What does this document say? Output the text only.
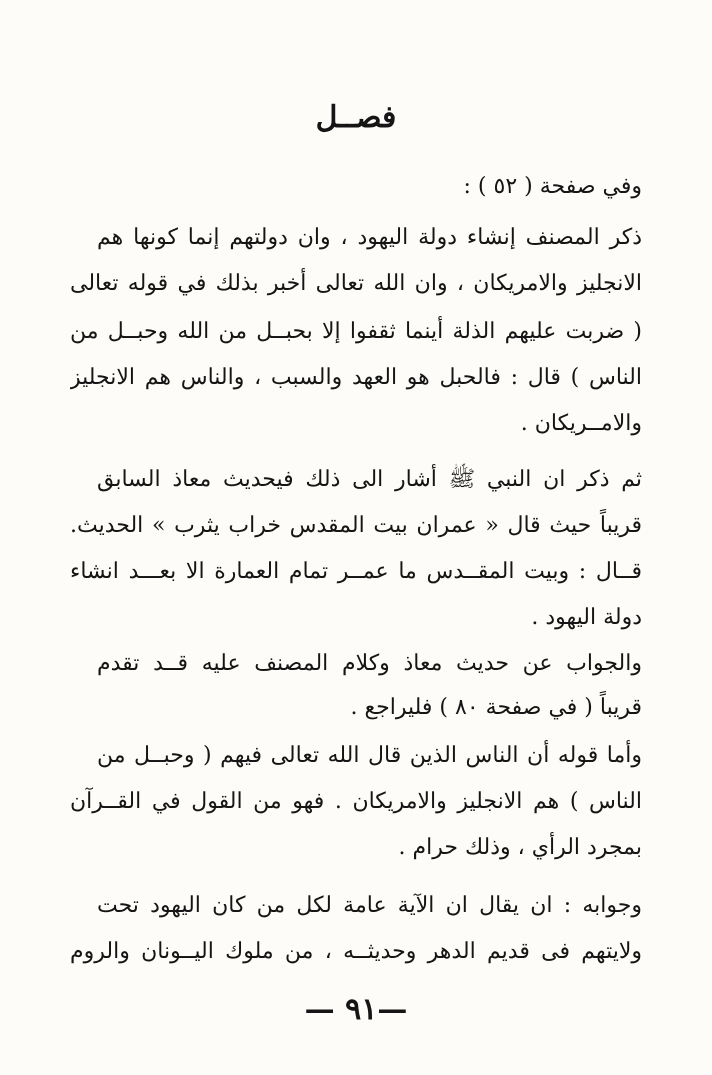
فصــل
وفي صفحة ( ٥٢ ) :
ذكر المصنف إنشاء دولة اليهود ، وان دولتهم إنما كونها هم
الانجليز والامريكان ، وان الله تعالى أخبر بذلك في قوله تعالى
( ضربت عليهم الذلة أينما ثقفوا إلا بحبــل من الله وحبــل من
الناس ) قال : فالحبل هو العهد والسبب ، والناس هم الانجليز
والامــريكان .
ثم ذكر ان النبي ﷺ أشار الى ذلك فيحديث معاذ السابق
قريباً حيث قال « عمران بيت المقدس خراب يثرب » الحديث.
قــال : وبيت المقــدس ما عمــر تمام العمارة الا بعـــد انشاء
دولة اليهود .
والجواب عن حديث معاذ وكلام المصنف عليه قــد تقدم
قريباً ( في صفحة ٨٠ ) فليراجع .
وأما قوله أن الناس الذين قال الله تعالى فيهم ( وحبــل من
الناس ) هم الانجليز والامريكان . فهو من القول في القــرآن
بمجرد الرأي ، وذلك حرام .
وجوابه : ان يقال ان الآية عامة لكل من كان اليهود تحت
ولايتهم فى قديم الدهر وحديثــه ، من ملوك اليــونان والروم
—٩١ —
